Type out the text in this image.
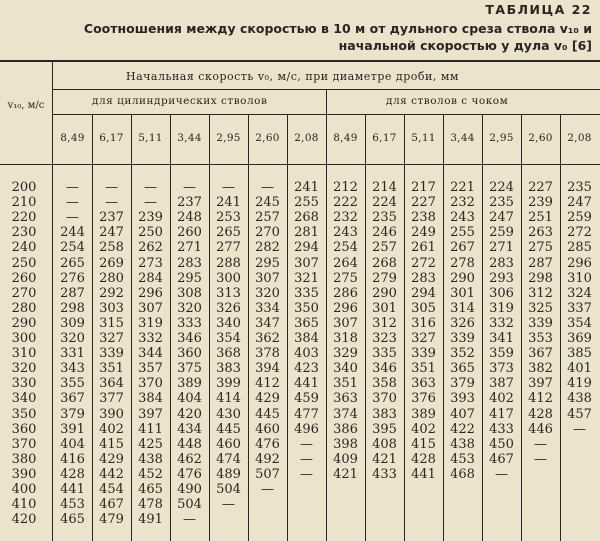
ТАБЛИЦА 22
Соотношения между скоростью в 10 м от дульного среза ствола v₁₀ и
начальной скоростью у дула v₀ [6]
v₁₀, м/с
Начальная скорость v₀, м/с, при диаметре дроби, мм
для цилиндрических стволов	для стволов с чоком
8,49	6,17	5,11	3,44	2,95	2,60	2,08	8,49	6,17	5,11	3,44	2,95	2,60	2,08
200	—	—	—	—	—	—	241	212	214	217	221	224	227	235
210	—	—	—	237	241	245	255	222	224	227	232	235	239	247
220	—	237	239	248	253	257	268	232	235	238	243	247	251	259
230	244	247	250	260	265	270	281	243	246	249	255	259	263	272
240	254	258	262	271	277	282	294	254	257	261	267	271	275	285
250	265	269	273	283	288	295	307	264	268	272	278	283	287	296
260	276	280	284	295	300	307	321	275	279	283	290	293	298	310
270	287	292	296	308	313	320	335	286	290	294	301	306	312	324
280	298	303	307	320	326	334	350	296	301	305	314	319	325	337
290	309	315	319	333	340	347	365	307	312	316	326	332	339	354
300	320	327	332	346	354	362	384	318	323	327	339	341	353	369
310	331	339	344	360	368	378	403	329	335	339	352	359	367	385
320	343	351	357	375	383	394	423	340	346	351	365	373	382	401
330	355	364	370	389	399	412	441	351	358	363	379	387	397	419
340	367	377	384	404	414	429	459	363	370	376	393	402	412	438
350	379	390	397	420	430	445	477	374	383	389	407	417	428	457
360	391	402	411	434	445	460	496	386	395	402	422	433	446	—
370	404	415	425	448	460	476	—	398	408	415	438	450	—
380	416	429	438	462	474	492	—	409	421	428	453	467	—
390	428	442	452	476	489	507	—	421	433	441	468	—
400	441	454	465	490	504	—
410	453	467	478	504	—
420	465	479	491	—
